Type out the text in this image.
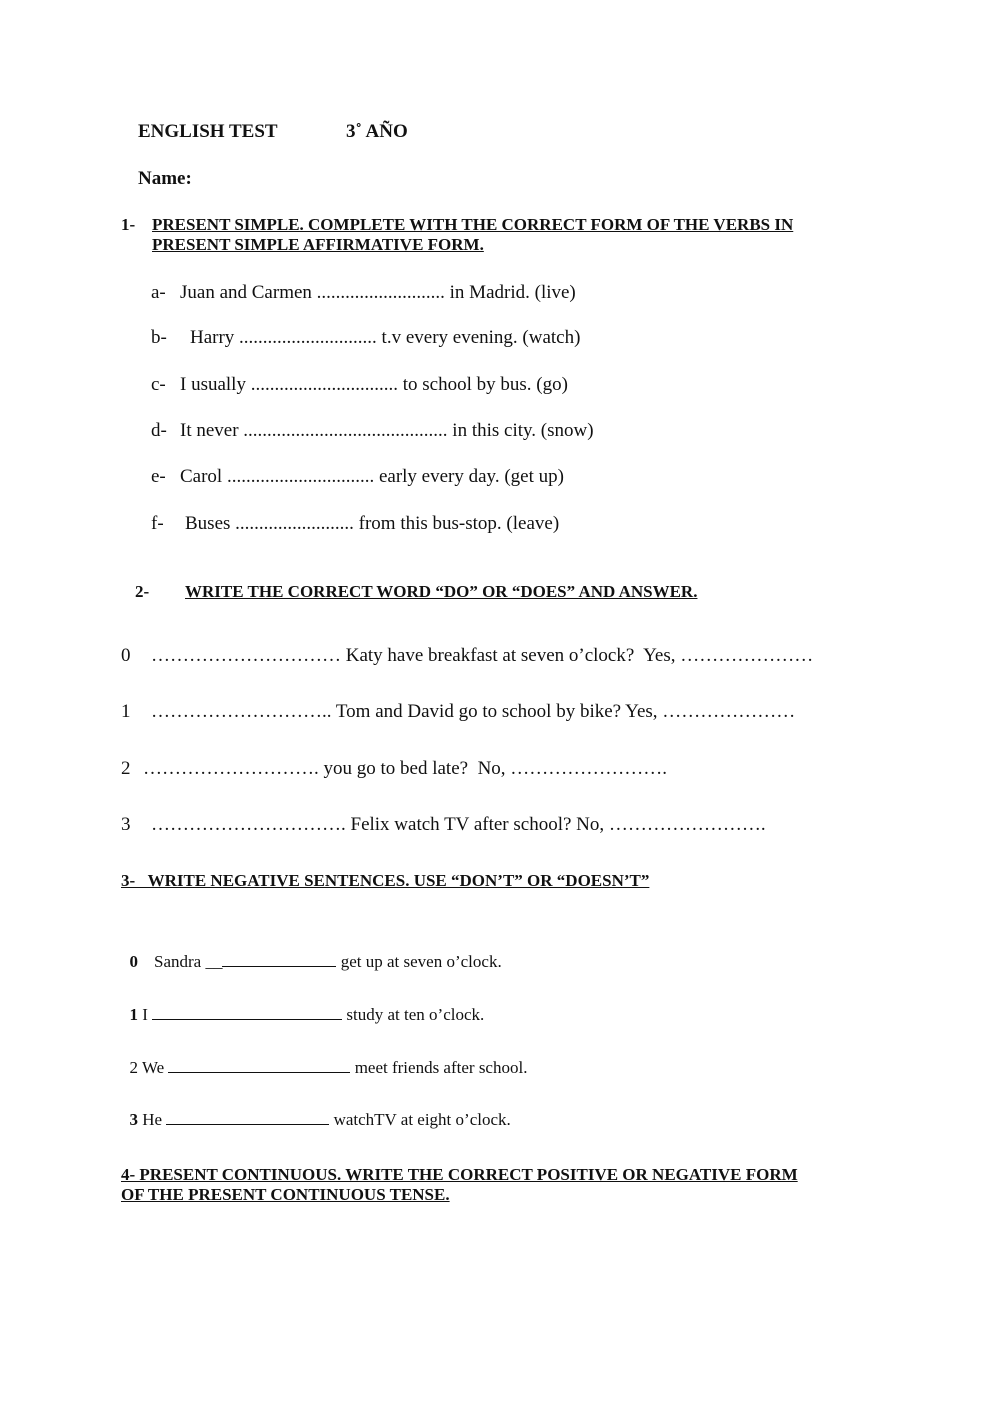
ENGLISH TEST	3˚ AÑO
Name:
1- PRESENT SIMPLE. COMPLETE WITH THE CORRECT FORM OF THE VERBS IN
PRESENT SIMPLE AFFIRMATIVE FORM.
a- Juan and Carmen ........................... in Madrid. (live)
b- Harry ............................. t.v every evening. (watch)
c- I usually ............................... to school by bus. (go)
d- It never ........................................... in this city. (snow)
e- Carol ............................... early every day. (get up)
f- Buses ......................... from this bus-stop. (leave)
2- WRITE THE CORRECT WORD “DO” OR “DOES” AND ANSWER.
0 ………………………… Katy have breakfast at seven o’clock?  Yes, …………………
1 ……………………….. Tom and David go to school by bike? Yes, …………………
2 ………………………. you go to bed late?  No, …………………….
3 …………………………. Felix watch TV after school? No, …………………….
3-   WRITE NEGATIVE SENTENCES. USE “DON’T” OR “DOESN’T”

0 Sandra __	get up at seven o’clock.

1 I	study at ten o’clock.

2 We	meet friends after school.

3 He	watchTV at eight o’clock.

4- PRESENT CONTINUOUS. WRITE THE CORRECT POSITIVE OR NEGATIVE FORM
OF THE PRESENT CONTINUOUS TENSE.
